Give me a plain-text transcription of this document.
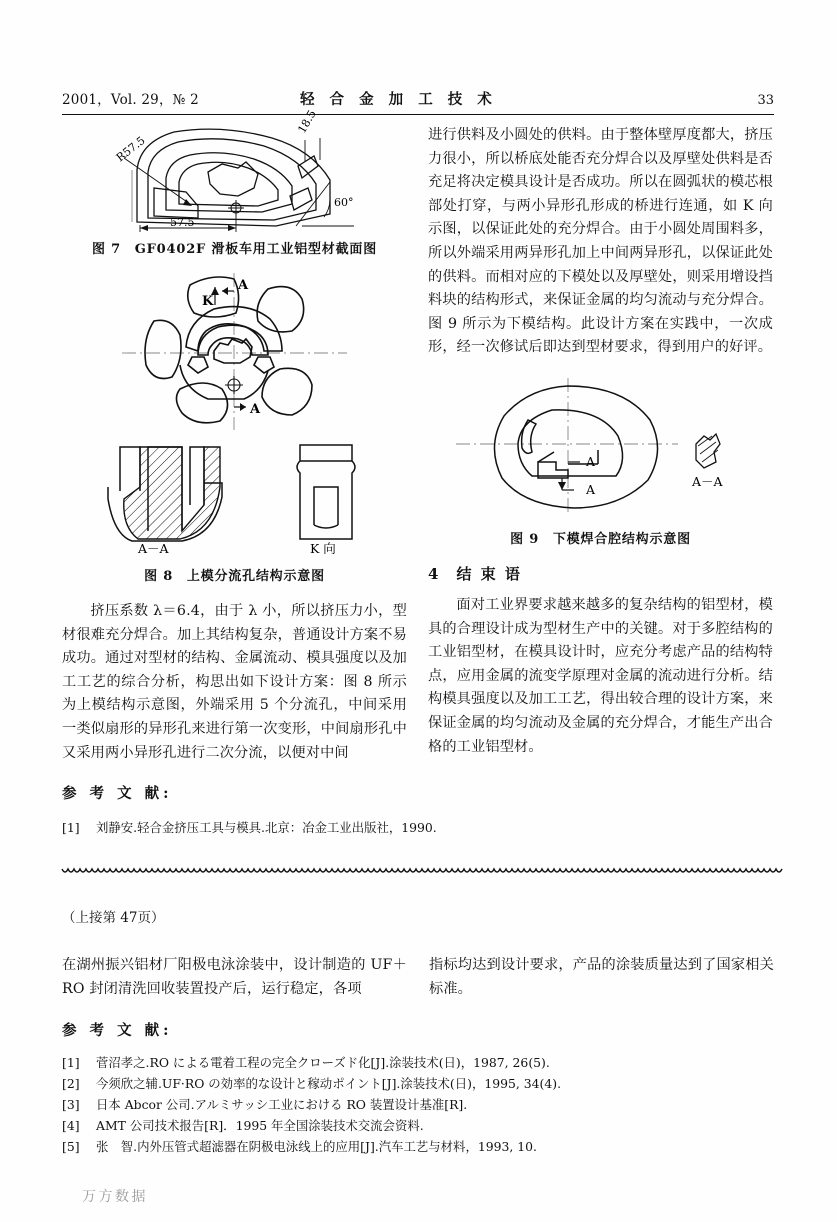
2001，Vol. 29，№ 2	轻 合 金 加 工 技 术	33
R57.5
18.5
60°
57.5
图 7　GF0402F 滑板车用工业铝型材截面图
K
A
A
A－A	K 向
图 8　上模分流孔结构示意图

挤压系数 λ＝6.4，由于 λ 小，所以挤压力小，型材很难充分焊合。加上其结构复杂，普通设计方案不易成功。通过对型材的结构、金属流动、模具强度以及加工工艺的综合分析，构思出如下设计方案：图 8 所示为上模结构示意图，外端采用 5 个分流孔，中间采用一类似扇形的异形孔来进行第一次变形，中间扇形孔中又采用两小异形孔进行二次分流，以便对中间

参 考 文 献:
[1]	刘静安.轻合金挤压工具与模具.北京：冶金工业出版社，1990.

进行供料及小圆处的供料。由于整体壁厚度都大，挤压力很小，所以桥底处能否充分焊合以及厚壁处供料是否充足将决定模具设计是否成功。所以在圆弧状的模芯根部处打穿，与两小异形孔形成的桥进行连通，如 K 向示图，以保证此处的充分焊合。由于小圆处周围料多，所以外端采用两异形孔加上中间两异形孔，以保证此处的供料。而相对应的下模处以及厚壁处，则采用增设挡料块的结构形式，来保证金属的均匀流动与充分焊合。图 9 所示为下模结构。此设计方案在实践中，一次成形，经一次修试后即达到型材要求，得到用户的好评。

A
A
A－A
图 9　下模焊合腔结构示意图
4 结 束 语

面对工业界要求越来越多的复杂结构的铝型材，模具的合理设计成为型材生产中的关键。对于多腔结构的工业铝型材，在模具设计时，应充分考虑产品的结构特点，应用金属的流变学原理对金属的流动进行分析。结构模具强度以及加工工艺，得出较合理的设计方案，来保证金属的均匀流动及金属的充分焊合，才能生产出合格的工业铝型材。

（上接第 47页）

在湖州振兴铝材厂阳极电泳涂装中，设计制造的 UF＋RO 封闭清洗回收装置投产后，运行稳定，各项

指标均达到设计要求，产品的涂装质量达到了国家相关标准。

参 考 文 献:
[1]	菅沼孝之.RO による電着工程の完全クローズド化[J].涂装技术(日)，1987, 26(5).
[2]	今须欣之辅.UF·RO の効率的な设计と稼动ポイント[J].涂装技术(日)，1995, 34(4).
[3]	日本 Abcor 公司.アルミサッシ工业における RO 装置设计基准[R].
[4]	AMT 公司技术报告[R]．1995 年全国涂装技术交流会资料.
[5]	张　智.内外压管式超滤器在阴极电泳线上的应用[J].汽车工艺与材料，1993, 10.
万方数据
